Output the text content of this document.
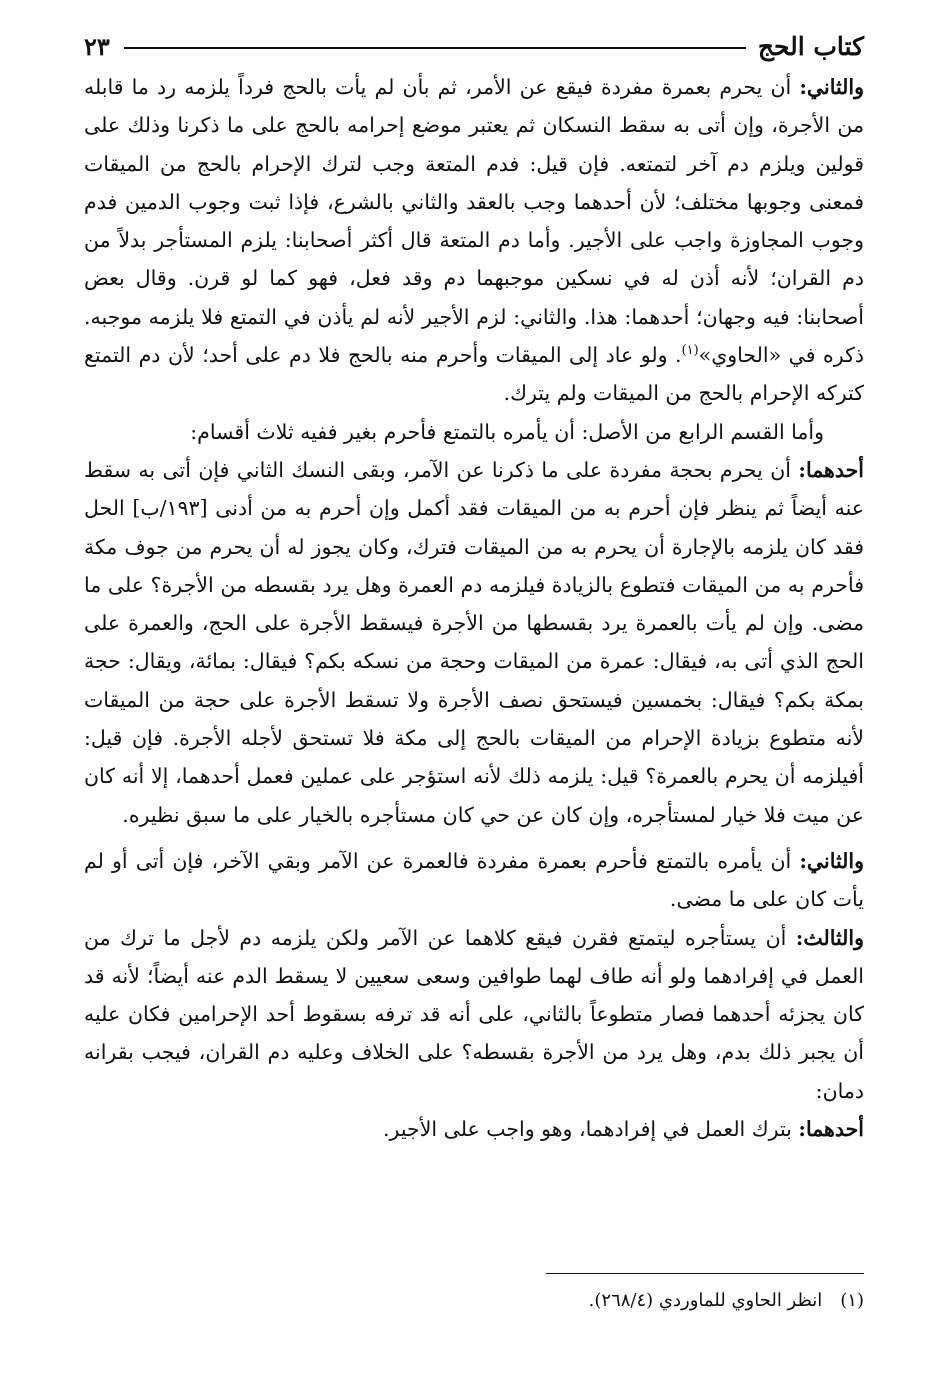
كتاب الحج
٢٣

والثاني: أن يحرم بعمرة مفردة فيقع عن الأمر، ثم بأن لم يأت بالحج فرداً يلزمه رد ما قابله من الأجرة، وإن أتى به سقط النسكان ثم يعتبر موضع إحرامه بالحج على ما ذكرنا وذلك على قولين ويلزم دم آخر لتمتعه. فإن قيل: فدم المتعة وجب لترك الإحرام بالحج من الميقات فمعنى وجوبها مختلف؛ لأن أحدهما وجب بالعقد والثاني بالشرع، فإذا ثبت وجوب الدمين فدم وجوب المجاوزة واجب على الأجير. وأما دم المتعة قال أكثر أصحابنا: يلزم المستأجر بدلاً من دم القران؛ لأنه أذن له في نسكين موجبهما دم وقد فعل، فهو كما لو قرن. وقال بعض أصحابنا: فيه وجهان؛ أحدهما: هذا. والثاني: لزم الأجير لأنه لم يأذن في التمتع فلا يلزمه موجبه. ذكره في «الحاوي»$^{(١)}$. ولو عاد إلى الميقات وأحرم منه بالحج فلا دم على أحد؛ لأن دم التمتع كتركه الإحرام بالحج من الميقات ولم يترك.

وأما القسم الرابع من الأصل: أن يأمره بالتمتع فأحرم بغير ففيه ثلاث أقسام:

أحدهما: أن يحرم بحجة مفردة على ما ذكرنا عن الآمر، وبقى النسك الثاني فإن أتى به سقط عنه أيضاً ثم ينظر فإن أحرم به من الميقات فقد أكمل وإن أحرم به من أدنى [١٩٣/ب] الحل فقد كان يلزمه بالإجارة أن يحرم به من الميقات فترك، وكان يجوز له أن يحرم من جوف مكة فأحرم به من الميقات فتطوع بالزيادة فيلزمه دم العمرة وهل يرد بقسطه من الأجرة؟ على ما مضى. وإن لم يأت بالعمرة يرد بقسطها من الأجرة فيسقط الأجرة على الحج، والعمرة على الحج الذي أتى به، فيقال: عمرة من الميقات وحجة من نسكه بكم؟ فيقال: بمائة، ويقال: حجة بمكة بكم؟ فيقال: بخمسين فيستحق نصف الأجرة ولا تسقط الأجرة على حجة من الميقات لأنه متطوع بزيادة الإحرام من الميقات بالحج إلى مكة فلا تستحق لأجله الأجرة. فإن قيل: أفيلزمه أن يحرم بالعمرة؟ قيل: يلزمه ذلك لأنه استؤجر على عملين فعمل أحدهما، إلا أنه كان عن ميت فلا خيار لمستأجره، وإن كان عن حي كان مستأجره بالخيار على ما سبق نظيره.

والثاني: أن يأمره بالتمتع فأحرم بعمرة مفردة فالعمرة عن الآمر وبقي الآخر، فإن أتى أو لم يأت كان على ما مضى.

والثالث: أن يستأجره ليتمتع فقرن فيقع كلاهما عن الآمر ولكن يلزمه دم لأجل ما ترك من العمل في إفرادهما ولو أنه طاف لهما طوافين وسعى سعيين لا يسقط الدم عنه أيضاً؛ لأنه قد كان يجزئه أحدهما فصار متطوعاً بالثاني، على أنه قد ترفه بسقوط أحد الإحرامين فكان عليه أن يجبر ذلك بدم، وهل يرد من الأجرة بقسطه؟ على الخلاف وعليه دم القران، فيجب بقرانه دمان:

أحدهما: بترك العمل في إفرادهما، وهو واجب على الأجير.

(١)انظر الحاوي للماوردي (٢٦٨/٤).
